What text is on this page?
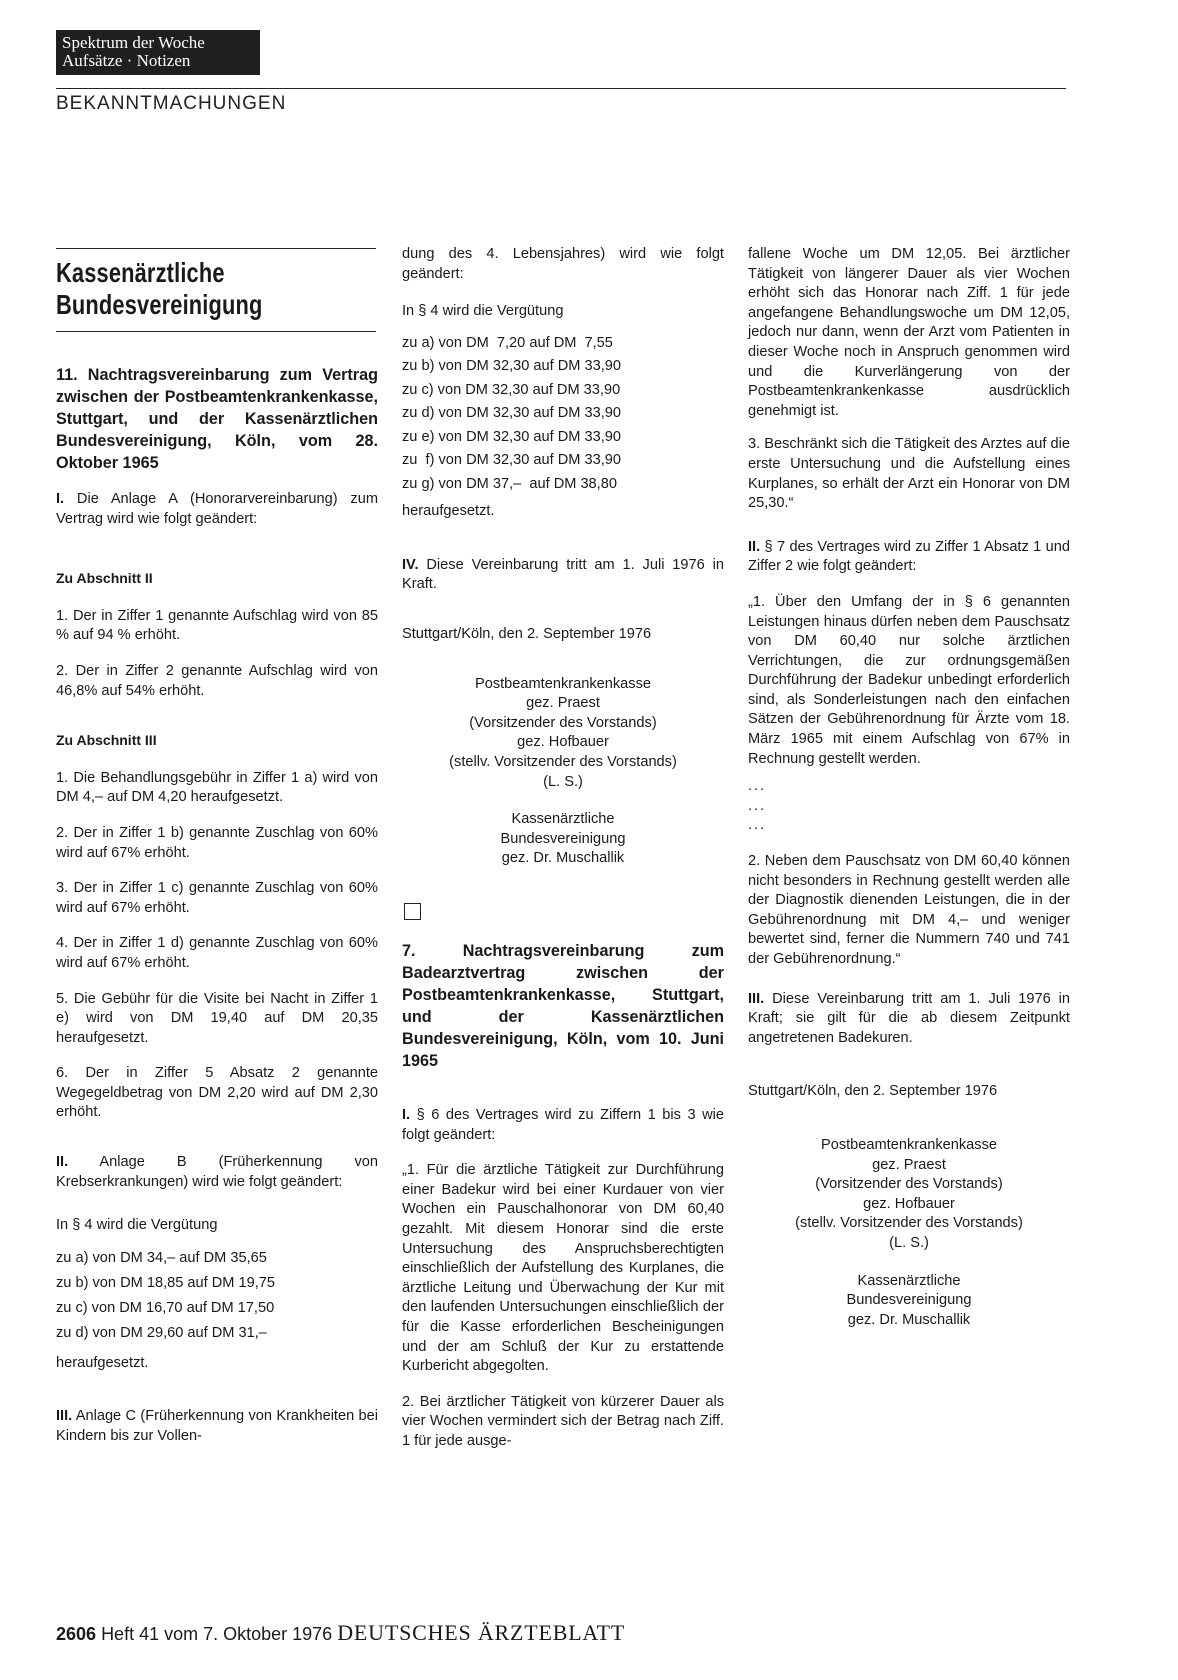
Spektrum der Woche
Aufsätze · Notizen
BEKANNTMACHUNGEN
Kassenärztliche
Bundesvereinigung

11. Nachtragsvereinbarung zum Vertrag zwischen der Postbeamtenkrankenkasse, Stuttgart, und der Kassenärztlichen Bundesvereinigung, Köln, vom 28. Oktober 1965

I. Die Anlage A (Honorarvereinbarung) zum Vertrag wird wie folgt geändert:

Zu Abschnitt II

1. Der in Ziffer 1 genannte Aufschlag wird von 85 % auf 94 % erhöht.

2. Der in Ziffer 2 genannte Aufschlag wird von 46,8% auf 54% erhöht.

Zu Abschnitt III

1. Die Behandlungsgebühr in Ziffer 1 a) wird von DM 4,– auf DM 4,20 heraufgesetzt.

2. Der in Ziffer 1 b) genannte Zuschlag von 60% wird auf 67% erhöht.

3. Der in Ziffer 1 c) genannte Zuschlag von 60% wird auf 67% erhöht.

4. Der in Ziffer 1 d) genannte Zuschlag von 60% wird auf 67% erhöht.

5. Die Gebühr für die Visite bei Nacht in Ziffer 1 e) wird von DM 19,40 auf DM 20,35 heraufgesetzt.

6. Der in Ziffer 5 Absatz 2 genannte Wegegeldbetrag von DM 2,20 wird auf DM 2,30 erhöht.

II. Anlage B (Früherkennung von Krebserkrankungen) wird wie folgt geändert:

In § 4 wird die Vergütung

zu a) von DM 34,– auf DM 35,65

zu b) von DM 18,85 auf DM 19,75

zu c) von DM 16,70 auf DM 17,50

zu d) von DM 29,60 auf DM 31,–

heraufgesetzt.

III. Anlage C (Früherkennung von Krankheiten bei Kindern bis zur Vollen-

dung des 4. Lebensjahres) wird wie folgt geändert:

In § 4 wird die Vergütung

zu a) von DM  7,20 auf DM  7,55

zu b) von DM 32,30 auf DM 33,90

zu c) von DM 32,30 auf DM 33,90

zu d) von DM 32,30 auf DM 33,90

zu e) von DM 32,30 auf DM 33,90

zu  f) von DM 32,30 auf DM 33,90

zu g) von DM 37,–  auf DM 38,80

heraufgesetzt.

IV. Diese Vereinbarung tritt am 1. Juli 1976 in Kraft.

Stuttgart/Köln, den 2. September 1976

Postbeamtenkrankenkasse

gez. Praest

(Vorsitzender des Vorstands)

gez. Hofbauer

(stellv. Vorsitzender des Vorstands)

(L. S.)

Kassenärztliche

Bundesvereinigung

gez. Dr. Muschallik

7. Nachtragsvereinbarung zum Badearztvertrag zwischen der Postbeamtenkrankenkasse, Stuttgart, und der Kassenärztlichen Bundesvereinigung, Köln, vom 10. Juni 1965

I. § 6 des Vertrages wird zu Ziffern 1 bis 3 wie folgt geändert:

„1. Für die ärztliche Tätigkeit zur Durchführung einer Badekur wird bei einer Kurdauer von vier Wochen ein Pauschalhonorar von DM 60,40 gezahlt. Mit diesem Honorar sind die erste Untersuchung des Anspruchsberechtigten einschließlich der Aufstellung des Kurplanes, die ärztliche Leitung und Überwachung der Kur mit den laufenden Untersuchungen einschließlich der für die Kasse erforderlichen Bescheinigungen und der am Schluß der Kur zu erstattende Kurbericht abgegolten.

2. Bei ärztlicher Tätigkeit von kürzerer Dauer als vier Wochen vermindert sich der Betrag nach Ziff. 1 für jede ausge-

fallene Woche um DM 12,05. Bei ärztlicher Tätigkeit von längerer Dauer als vier Wochen erhöht sich das Honorar nach Ziff. 1 für jede angefangene Behandlungswoche um DM 12,05, jedoch nur dann, wenn der Arzt vom Patienten in dieser Woche noch in Anspruch genommen wird und die Kurverlängerung von der Postbeamtenkrankenkasse ausdrücklich genehmigt ist.

3. Beschränkt sich die Tätigkeit des Arztes auf die erste Untersuchung und die Aufstellung eines Kurplanes, so erhält der Arzt ein Honorar von DM 25,30.“

II. § 7 des Vertrages wird zu Ziffer 1 Absatz 1 und Ziffer 2 wie folgt geändert:

„1. Über den Umfang der in § 6 genannten Leistungen hinaus dürfen neben dem Pauschsatz von DM 60,40 nur solche ärztlichen Verrichtungen, die zur ordnungsgemäßen Durchführung der Badekur unbedingt erforderlich sind, als Sonderleistungen nach den einfachen Sätzen der Gebührenordnung für Ärzte vom 18. März 1965 mit einem Aufschlag von 67% in Rechnung gestellt werden.

...

...

...

2. Neben dem Pauschsatz von DM 60,40 können nicht besonders in Rechnung gestellt werden alle der Diagnostik dienenden Leistungen, die in der Gebührenordnung mit DM 4,– und weniger bewertet sind, ferner die Nummern 740 und 741 der Gebührenordnung.“

III. Diese Vereinbarung tritt am 1. Juli 1976 in Kraft; sie gilt für die ab diesem Zeitpunkt angetretenen Badekuren.

Stuttgart/Köln, den 2. September 1976

Postbeamtenkrankenkasse

gez. Praest

(Vorsitzender des Vorstands)

gez. Hofbauer

(stellv. Vorsitzender des Vorstands)

(L. S.)

Kassenärztliche

Bundesvereinigung

gez. Dr. Muschallik

2606 Heft 41 vom 7. Oktober 1976 DEUTSCHES ÄRZTEBLATT
